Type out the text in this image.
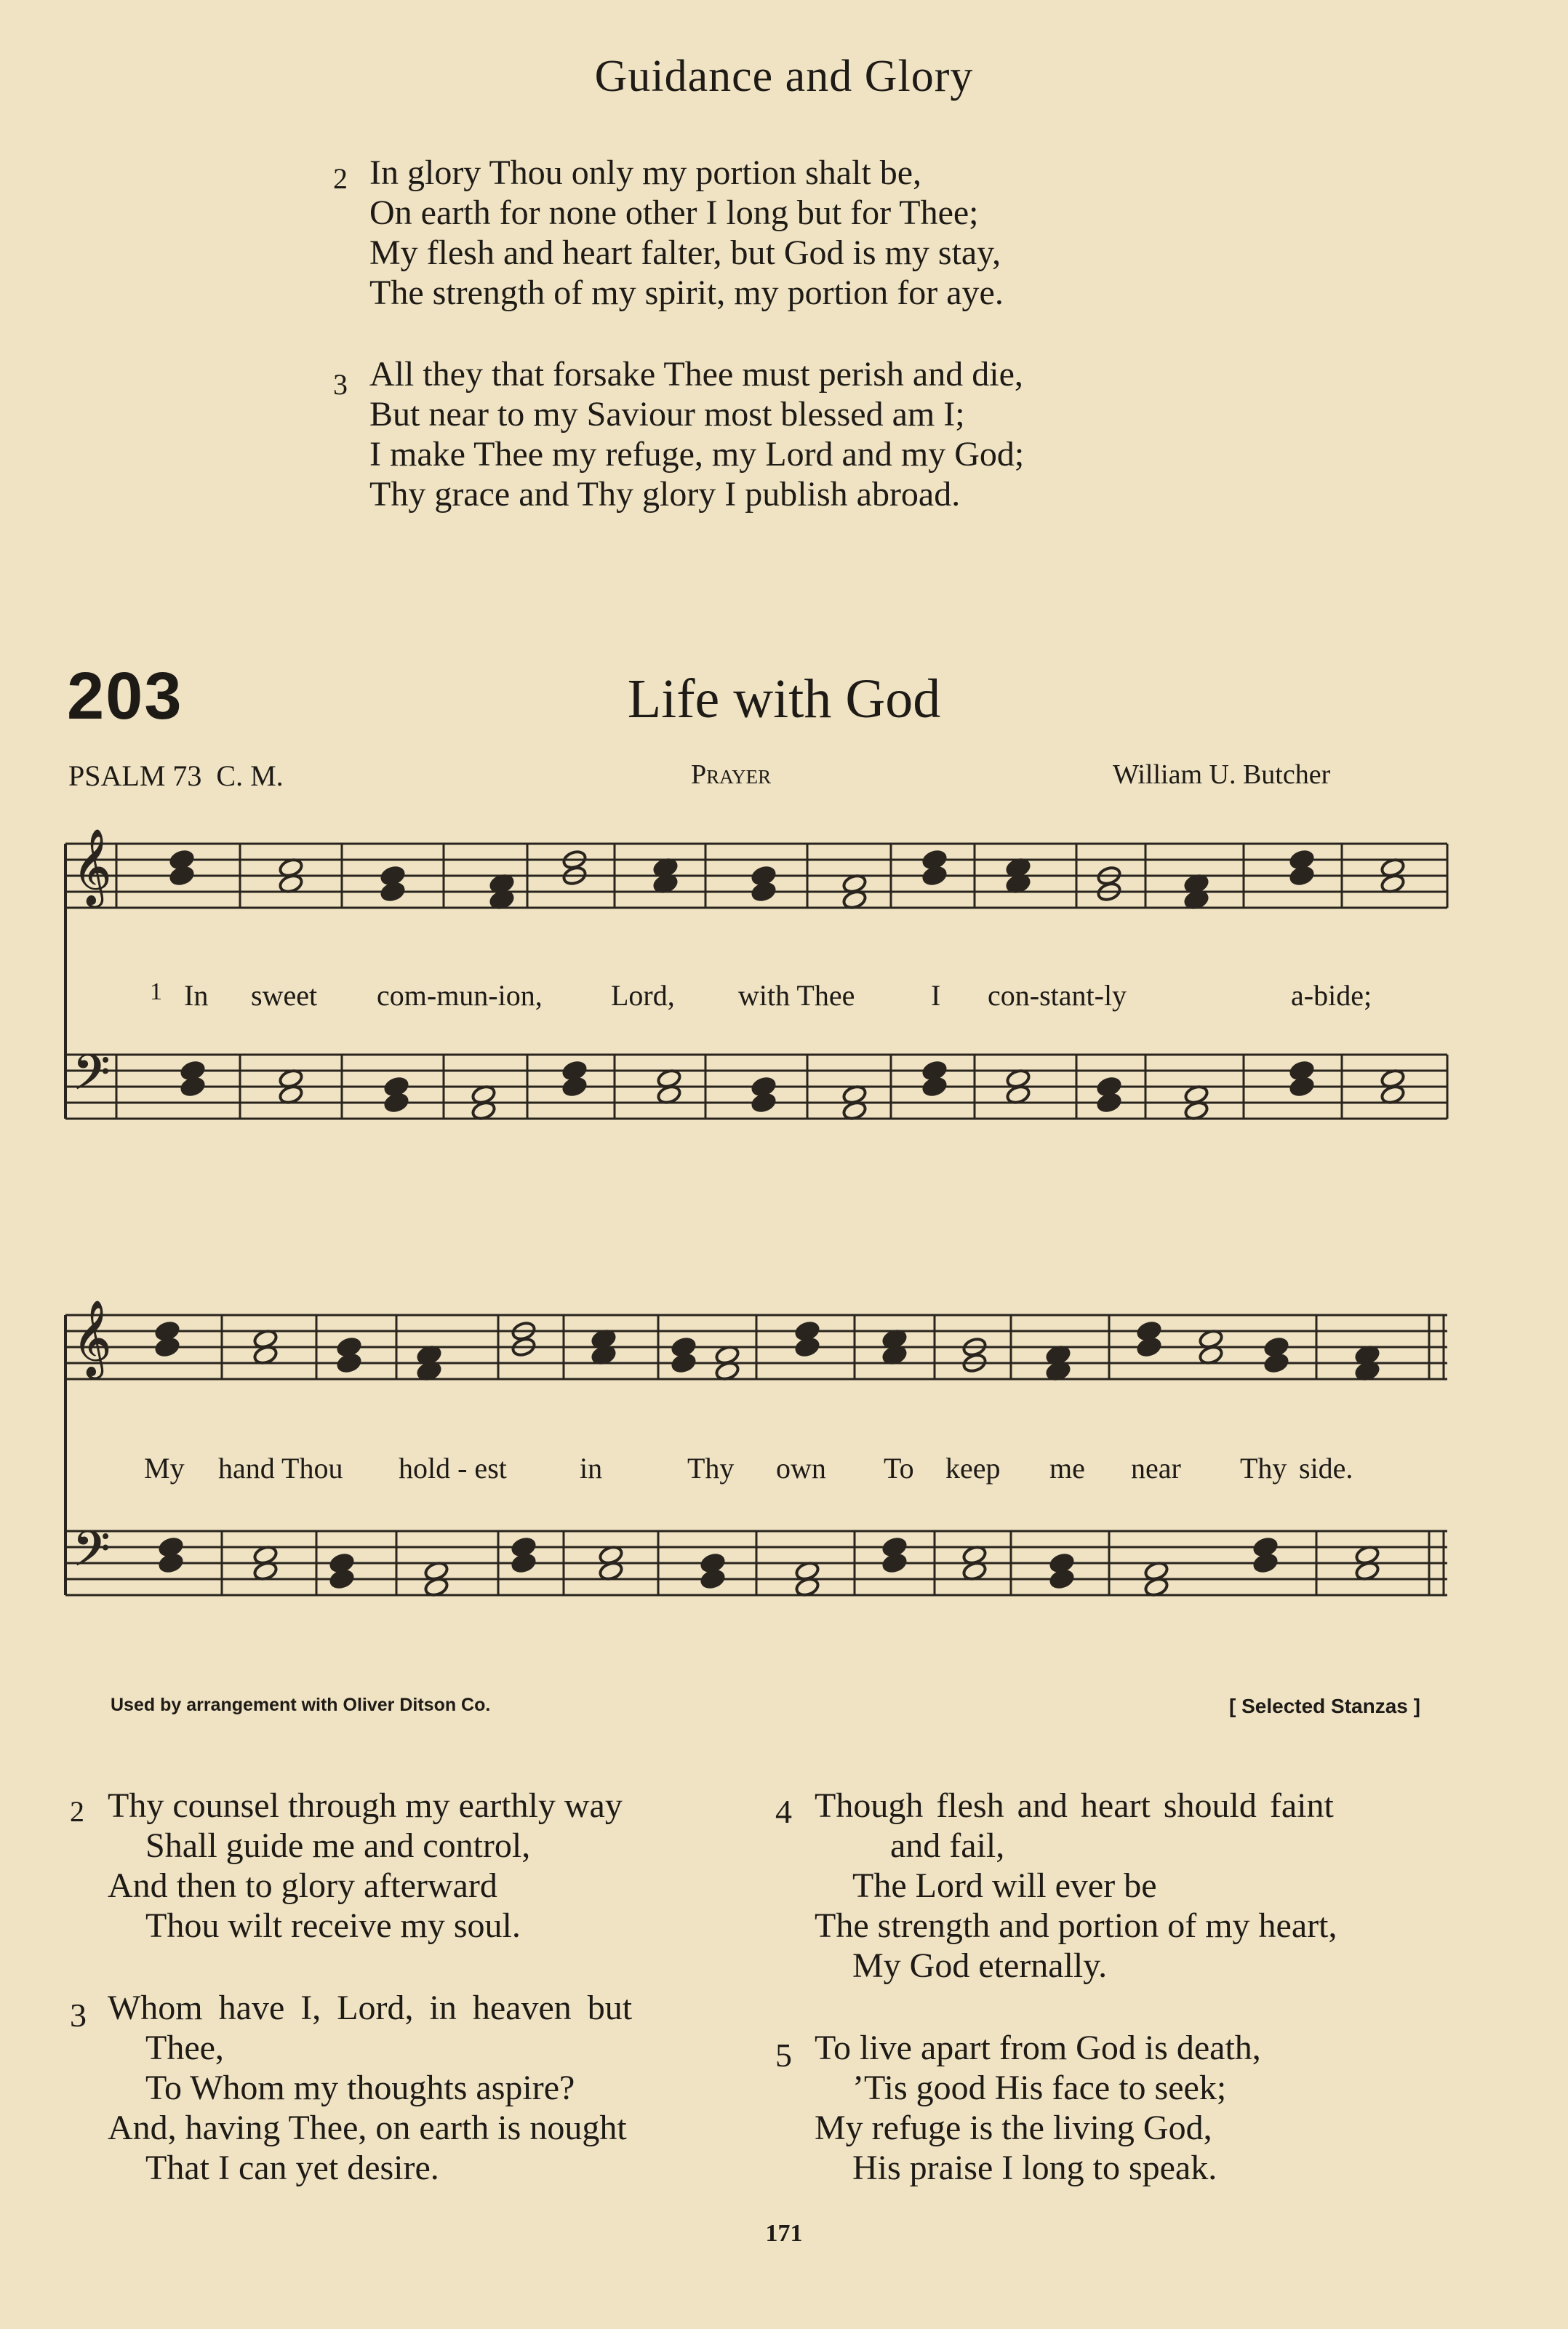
Guidance and Glory
2 In glory Thou only my portion shalt be,
On earth for none other I long but for Thee;
My flesh and heart falter, but God is my stay,
The strength of my spirit, my portion for aye.
3 All they that forsake Thee must perish and die,
But near to my Saviour most blessed am I;
I make Thee my refuge, my Lord and my God;
Thy grace and Thy glory I publish abroad.
203	Life with God
PSALM 73 C. M.	Prayer	William U. Butcher
𝄞
𝄢
𝄞
𝄢
1 In sweet com-mun-ion, Lord, with Thee	I con-stant-ly	a-bide;
My hand Thou hold - est	in	Thy own To keep me near Thy side.
Used by arrangement with Oliver Ditson Co.	[ Selected Stanzas ]
2 Thy counsel through my earthly way
Shall guide me and control,
And then to glory afterward
Thou wilt receive my soul.
3 Whom have I, Lord, in heaven but
Thee,
To Whom my thoughts aspire?
And, having Thee, on earth is nought
That I can yet desire.
4 Though flesh and heart should faint
and fail,
The Lord will ever be
The strength and portion of my heart,
My God eternally.
5 To live apart from God is death,
’Tis good His face to seek;
My refuge is the living God,
His praise I long to speak.
171
